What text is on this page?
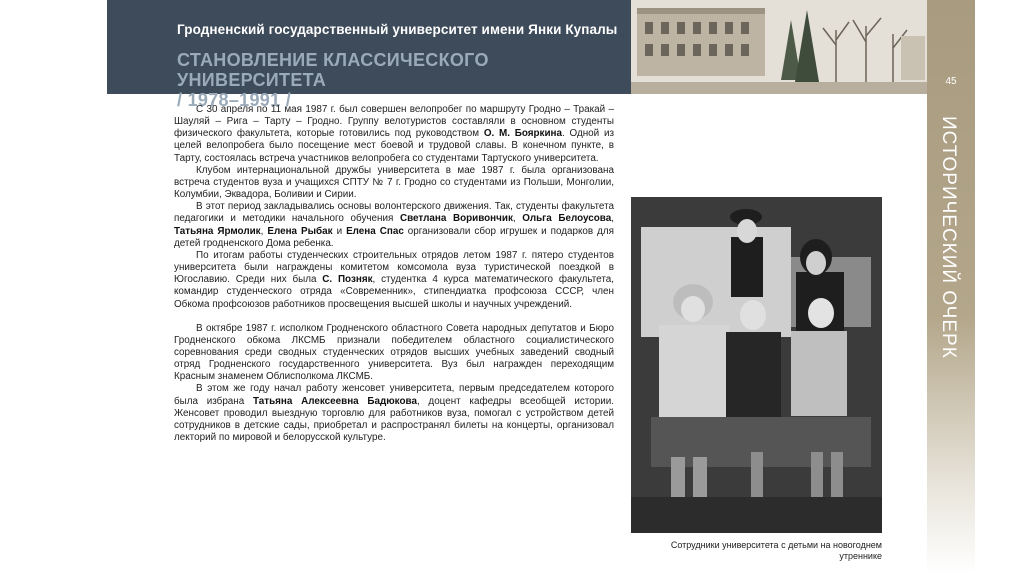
Гродненский государственный университет имени Янки Купалы
СТАНОВЛЕНИЕ КЛАССИЧЕСКОГО УНИВЕРСИТЕТА
/ 1978–1991 /
45
ИСТОРИЧЕСКИЙ ОЧЕРК

С 30 апреля по 11 мая 1987 г. был совершен велопробег по маршруту Гродно – Тракай – Шауляй – Рига – Тарту – Гродно. Группу велотуристов составляли в основном студенты физического факультета, которые готовились под руководством О. М. Бояркина. Одной из целей велопробега было посещение мест боевой и трудовой славы. В конечном пункте, в Тарту, состоялась встреча участников велопробега со студентами Тартуского университета.

Клубом интернациональной дружбы университета в мае 1987 г. была организована встреча студентов вуза и учащихся СПТУ № 7 г. Гродно со студентами из Польши, Монголии, Колумбии, Эквадора, Боливии и Сирии.

В этот период закладывались основы волонтерского движения. Так, студенты факультета педагогики и методики начального обучения Светлана Воривончик, Ольга Белоусова, Татьяна Ярмолик, Елена Рыбак и Елена Спас организовали сбор игрушек и подарков для детей гродненского Дома ребенка.

По итогам работы студенческих строительных отрядов летом 1987 г. пятеро студентов университета были награждены комитетом комсомола вуза туристической поездкой в Югославию. Среди них была С. Позняк, студентка 4 курса математического факультета, командир студенческого отряда «Современник», стипендиатка профсоюза СССР, член Обкома профсоюзов работников просвещения высшей школы и научных учреждений.

В октябре 1987 г. исполком Гродненского областного Совета народных депутатов и Бюро Гродненского обкома ЛКСМБ признали победителем областного социалистического соревнования среди сводных студенческих отрядов высших учебных заведений сводный отряд Гродненского государственного университета. Вуз был награжден переходящим Красным знаменем Облисполкома ЛКСМБ.

В этом же году начал работу женсовет университета, первым председателем которого была избрана Татьяна Алексеевна Бадюкова, доцент кафедры всеобщей истории. Женсовет проводил выездную торговлю для работников вуза, помогал с устройством детей сотрудников в детские сады, приобретал и распространял билеты на концерты, организовал лекторий по мировой и белорусской культуре.

Сотрудники университета с детьми на новогоднем
утреннике
